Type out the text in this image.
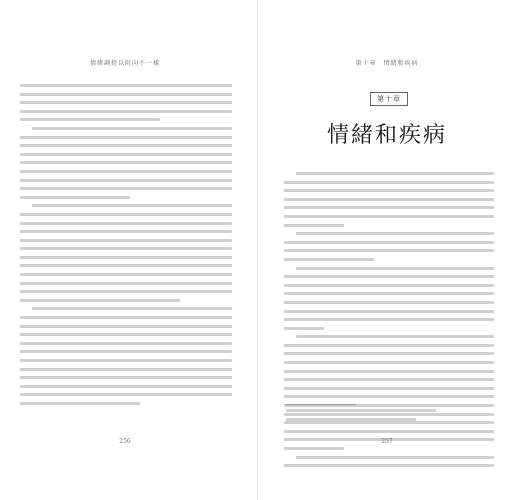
情緒調控以阻向不一樣
256
第十章　情緒和疾病
第十章
情緒和疾病
257
